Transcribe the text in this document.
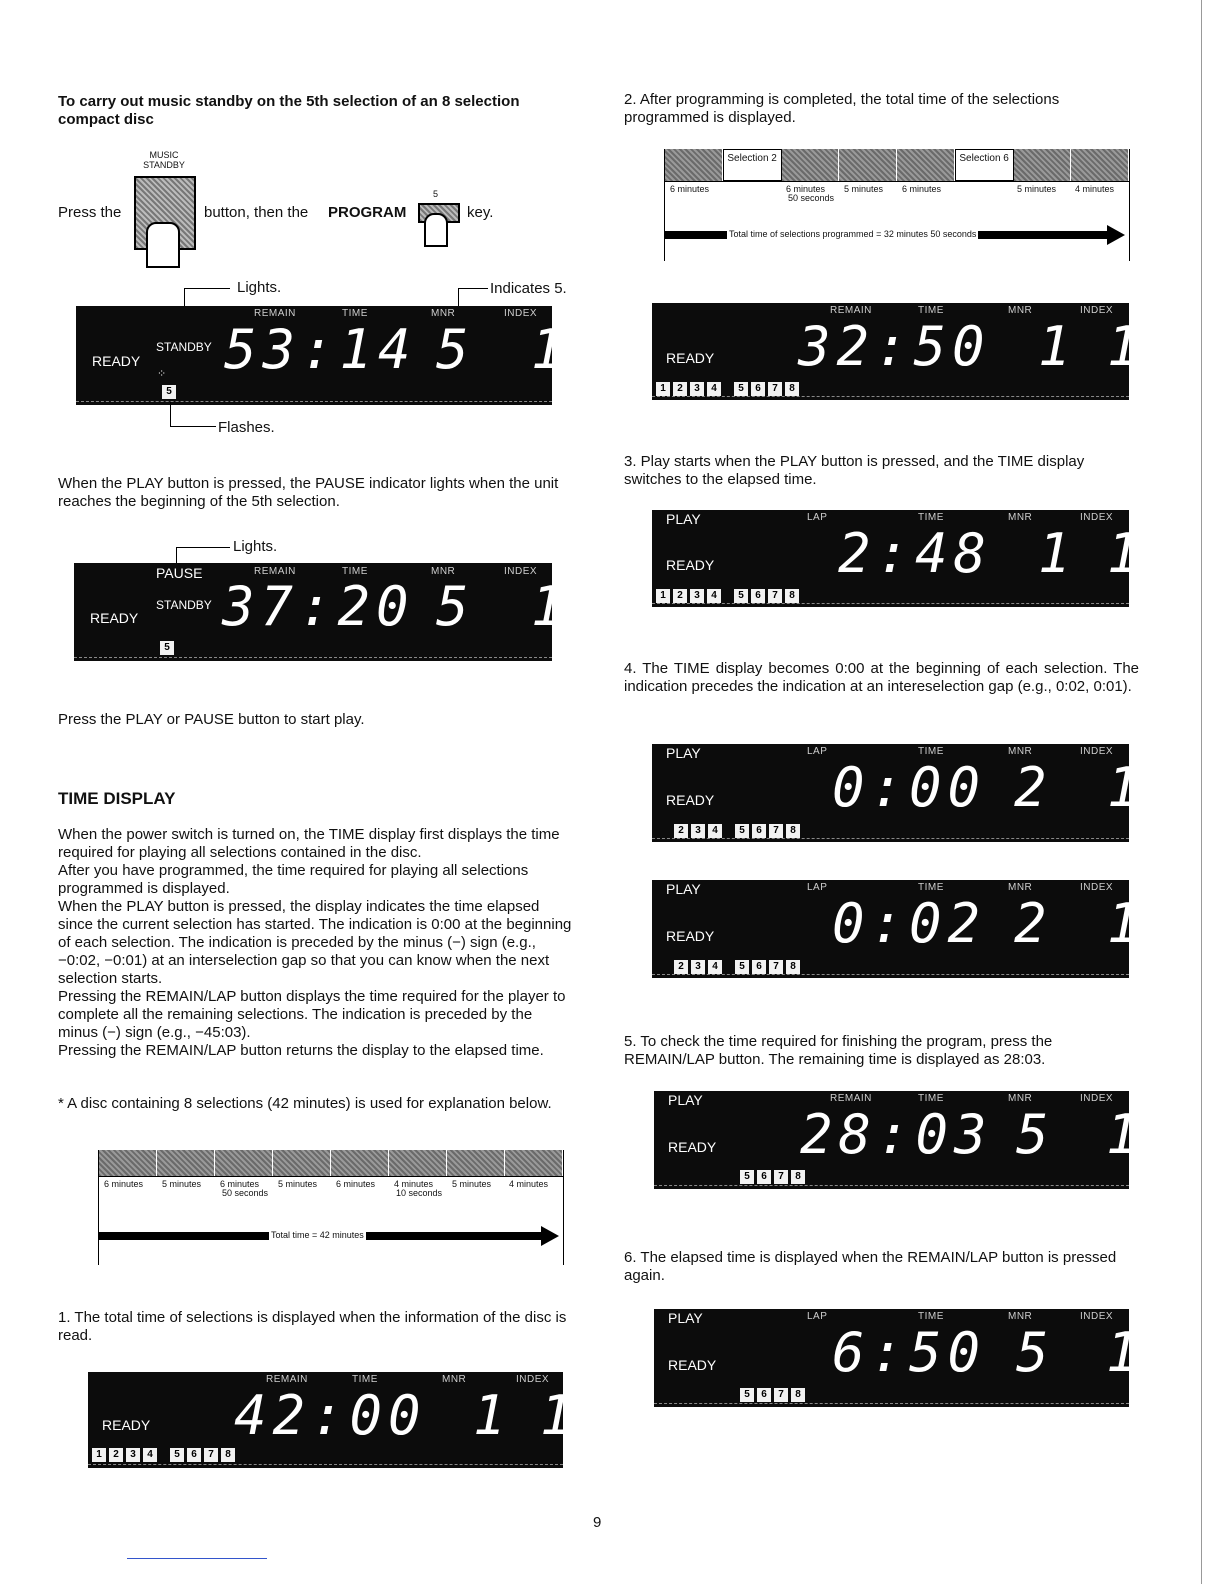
To carry out music standby on the 5th selection of an 8 selection compact disc
MUSIC STANDBY
Press the	button, then the PROGRAM
5
key.
Lights.	Indicates 5.
REMAIN	TIME	MNR	INDEX
STANDBY
READY 53:14 5 1
⁘
5
Flashes.
When the PLAY button is pressed, the PAUSE indicator lights when the unit reaches the beginning of the 5th selection.
Lights.
PAUSE	REMAIN	TIME	MNR	INDEX
STANDBY
READY 37:20 5 1
5
Press the PLAY or PAUSE button to start play.
TIME DISPLAY
When the power switch is turned on, the TIME display first displays the time required for playing all selections contained in the disc.
After you have programmed, the time required for playing all selections programmed is displayed.
When the PLAY button is pressed, the display indicates the time elapsed since the current selection has started. The indication is 0:00 at the beginning of each selection. The indication is preceded by the minus (−) sign (e.g., −0:02, −0:01) at an interselection gap so that you can know when the next selection starts.
Pressing the REMAIN/LAP button displays the time required for the player to complete all the remaining selections. The indication is preceded by the minus (−) sign (e.g., −45:03).
Pressing the REMAIN/LAP button returns the display to the elapsed time.
* A disc containing 8 selections (42 minutes) is used for explanation below.
6 minutes 5 minutes 6 minutes
50 seconds
5 minutes 6 minutes 4 minutes
10 seconds
5 minutes 4 minutes
Total time = 42 minutes
1. The total time of selections is displayed when the information of the disc is read.
REMAIN	TIME	MNR	INDEX
READY 42:00 1 1
1	2	3	4	5	6	7	8
2. After programming is completed, the total time of the selections programmed is displayed.
Selection 2	Selection 6
6 minutes	6 minutes
50 seconds
5 minutes 6 minutes	5 minutes 4 minutes
Total time of selections programmed = 32 minutes 50 seconds
REMAIN	TIME	MNR	INDEX
READY 32:50 1 1
1	2	3	4	5	6	7	8
3. Play starts when the PLAY button is pressed, and the TIME display switches to the elapsed time.
PLAY	LAP	TIME	MNR	INDEX
READY 2:48 1 1
1	2	3	4	5	6	7	8
4. The TIME display becomes 0:00 at the beginning of each selection. The indication precedes the indication at an intereselection gap (e.g., 0:02, 0:01).
PLAY	LAP	TIME	MNR	INDEX
READY 0:00 2 1
2	3	4	5	6	7	8
PLAY	LAP	TIME	MNR	INDEX
READY 0:02 2 1
2	3	4	5	6	7	8
5. To check the time required for finishing the program, press the REMAIN/LAP button. The remaining time is displayed as 28:03.
PLAY	REMAIN	TIME	MNR	INDEX
READY 28:03 5 1
5	6	7	8
6. The elapsed time is displayed when the REMAIN/LAP button is pressed again.
PLAY	LAP	TIME	MNR	INDEX
READY 6:50 5 1
5	6	7	8
9
